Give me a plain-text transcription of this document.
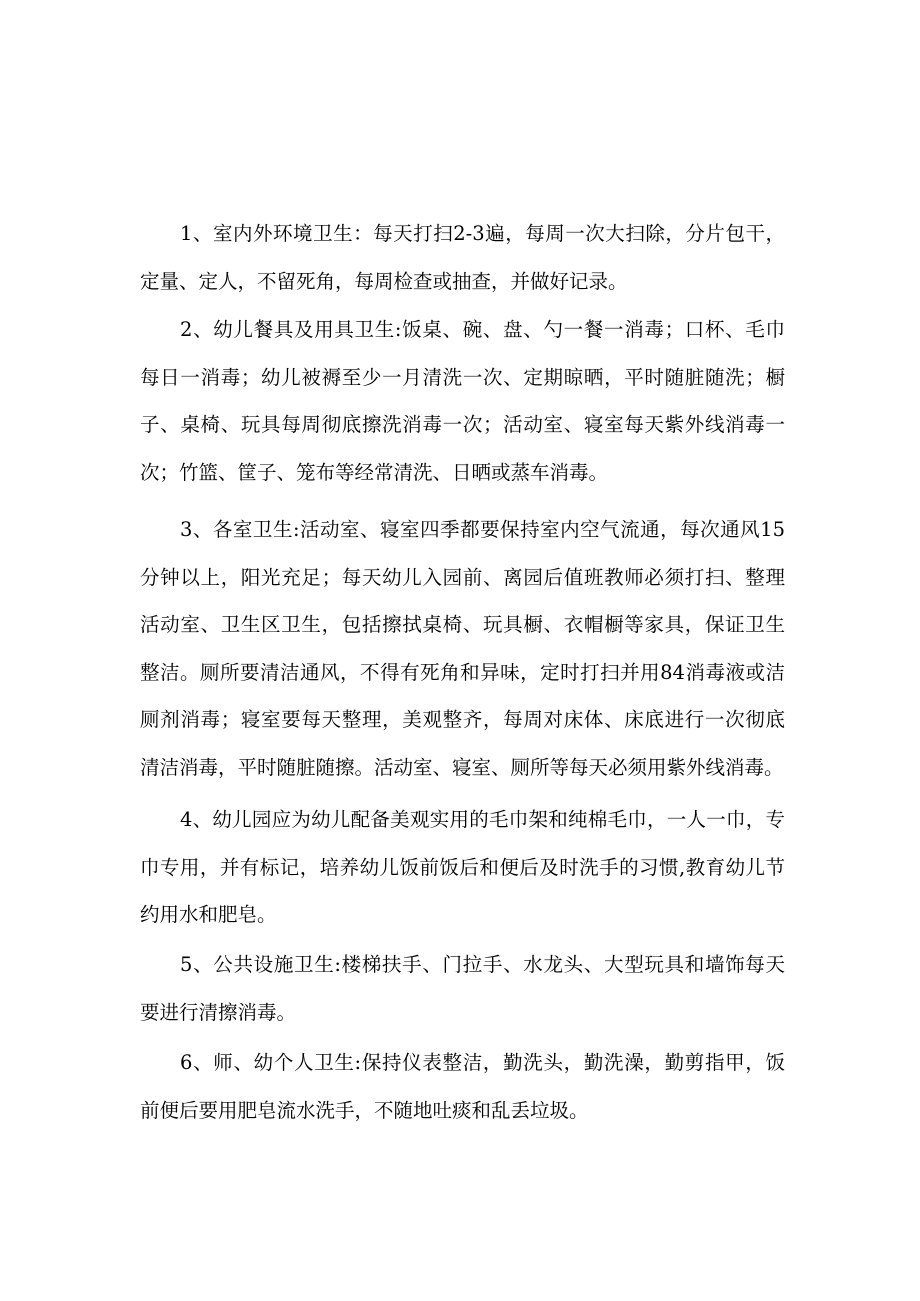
1、室内外环境卫生：每天打扫2-3遍，每周一次大扫除，分片包干，
定量、定人，不留死角，每周检查或抽查，并做好记录。
2、幼儿餐具及用具卫生:饭桌、碗、盘、勺一餐一消毒；口杯、毛巾
每日一消毒；幼儿被褥至少一月清洗一次、定期晾晒，平时随脏随洗；橱
子、桌椅、玩具每周彻底擦洗消毒一次；活动室、寝室每天紫外线消毒一
次；竹篮、筐子、笼布等经常清洗、日晒或蒸车消毒。
3、各室卫生:活动室、寝室四季都要保持室内空气流通，每次通风15
分钟以上，阳光充足；每天幼儿入园前、离园后值班教师必须打扫、整理
活动室、卫生区卫生，包括擦拭桌椅、玩具橱、衣帽橱等家具，保证卫生
整洁。厕所要清洁通风，不得有死角和异味，定时打扫并用84消毒液或洁
厕剂消毒；寝室要每天整理，美观整齐，每周对床体、床底进行一次彻底
清洁消毒，平时随脏随擦。活动室、寝室、厕所等每天必须用紫外线消毒。
4、幼儿园应为幼儿配备美观实用的毛巾架和纯棉毛巾，一人一巾，专
巾专用，并有标记，培养幼儿饭前饭后和便后及时洗手的习惯,教育幼儿节
约用水和肥皂。
5、公共设施卫生:楼梯扶手、门拉手、水龙头、大型玩具和墙饰每天
要进行清擦消毒。
6、师、幼个人卫生:保持仪表整洁，勤洗头，勤洗澡，勤剪指甲，饭
前便后要用肥皂流水洗手，不随地吐痰和乱丢垃圾。
